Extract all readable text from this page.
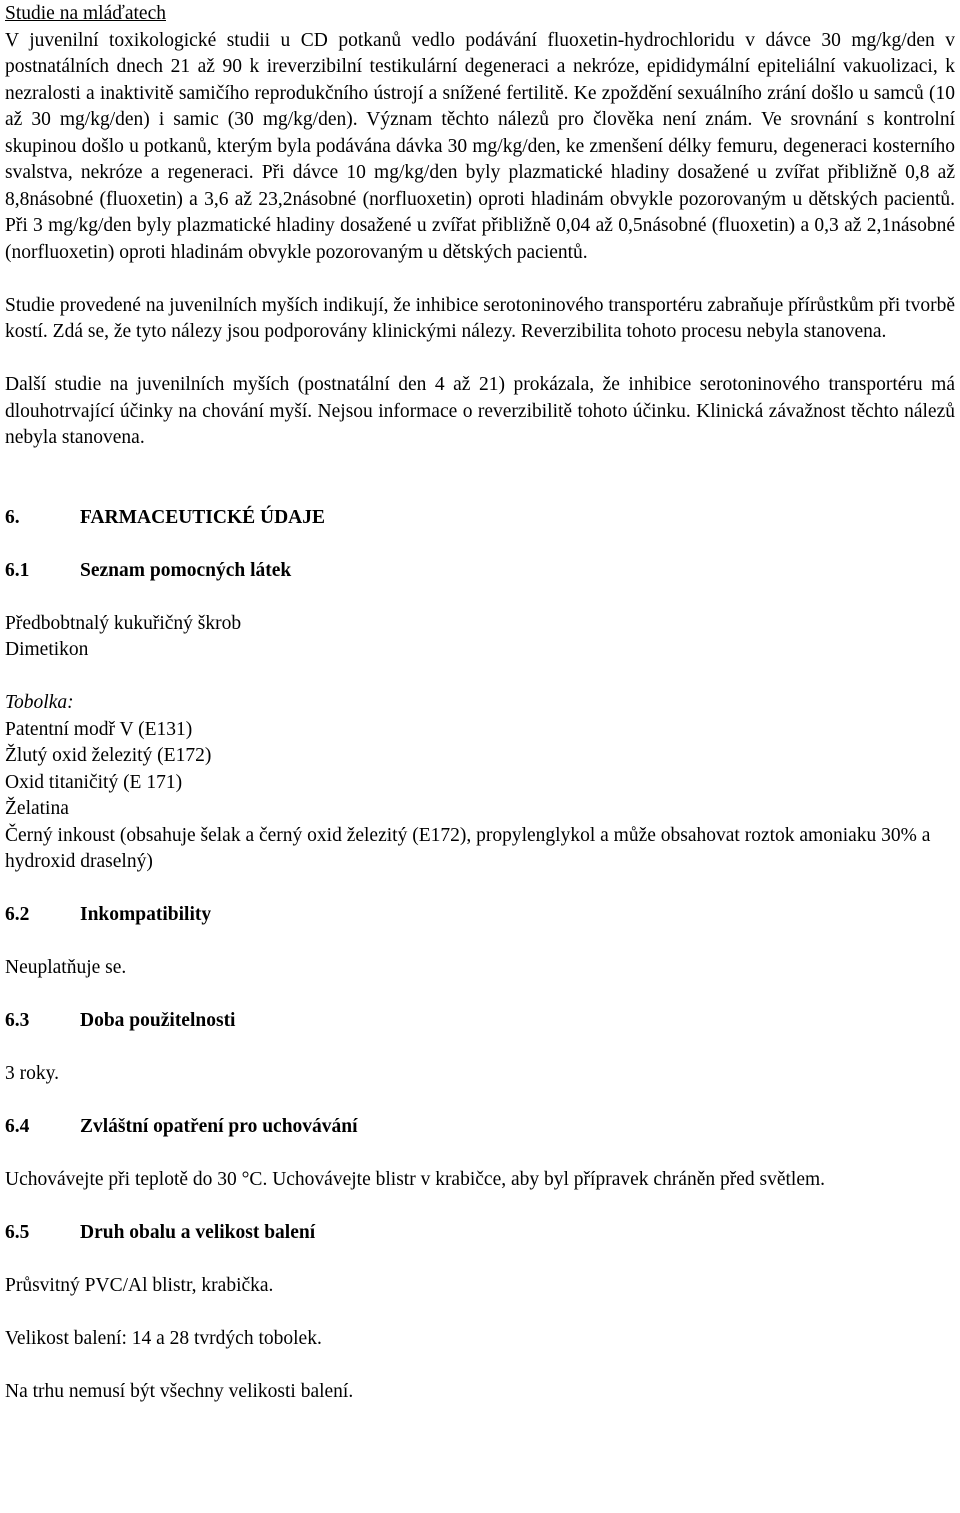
Studie na mláďatech

V juvenilní toxikologické studii u CD potkanů vedlo podávání fluoxetin-hydrochloridu v dávce 30 mg/kg/den v postnatálních dnech 21 až 90 k ireverzibilní testikulární degeneraci a nekróze, epididymální epiteliální vakuolizaci, k nezralosti a inaktivitě samičího reprodukčního ústrojí a snížené fertilitě. Ke zpoždění sexuálního zrání došlo u samců (10 až 30 mg/kg/den) i samic (30 mg/kg/den). Význam těchto nálezů pro člověka není znám. Ve srovnání s kontrolní skupinou došlo u potkanů, kterým byla podávána dávka 30 mg/kg/den, ke zmenšení délky femuru, degeneraci kosterního svalstva, nekróze a regeneraci. Při dávce 10 mg/kg/den byly plazmatické hladiny dosažené u zvířat přibližně 0,8 až 8,8násobné (fluoxetin) a 3,6 až 23,2násobné (norfluoxetin) oproti hladinám obvykle pozorovaným u dětských pacientů. Při 3 mg/kg/den byly plazmatické hladiny dosažené u zvířat přibližně 0,04 až 0,5násobné (fluoxetin) a 0,3 až 2,1násobné (norfluoxetin) oproti hladinám obvykle pozorovaným u dětských pacientů.

Studie provedené na juvenilních myších indikují, že inhibice serotoninového transportéru zabraňuje přírůstkům při tvorbě kostí. Zdá se, že tyto nálezy jsou podporovány klinickými nálezy. Reverzibilita tohoto procesu nebyla stanovena.

Další studie na juvenilních myších (postnatální den 4 až 21) prokázala, že inhibice serotoninového transportéru má dlouhotrvající účinky na chování myší. Nejsou informace o reverzibilitě tohoto účinku. Klinická závažnost těchto nálezů nebyla stanovena.

6.	FARMACEUTICKÉ ÚDAJE
6.1	Seznam pomocných látek

Předbobtnalý kukuřičný škrob

Dimetikon

Tobolka:

Patentní modř V (E131)

Žlutý oxid železitý (E172)

Oxid titaničitý (E 171)

Želatina

Černý inkoust (obsahuje šelak a černý oxid železitý (E172), propylenglykol a může obsahovat roztok amoniaku 30% a hydroxid draselný)

6.2	Inkompatibility

Neuplatňuje se.

6.3	Doba použitelnosti

3 roky.

6.4	Zvláštní opatření pro uchovávání

Uchovávejte při teplotě do 30 °C. Uchovávejte blistr v krabičce, aby byl přípravek chráněn před světlem.

6.5	Druh obalu a velikost balení

Průsvitný PVC/Al blistr, krabička.

Velikost balení: 14 a 28 tvrdých tobolek.

Na trhu nemusí být všechny velikosti balení.
